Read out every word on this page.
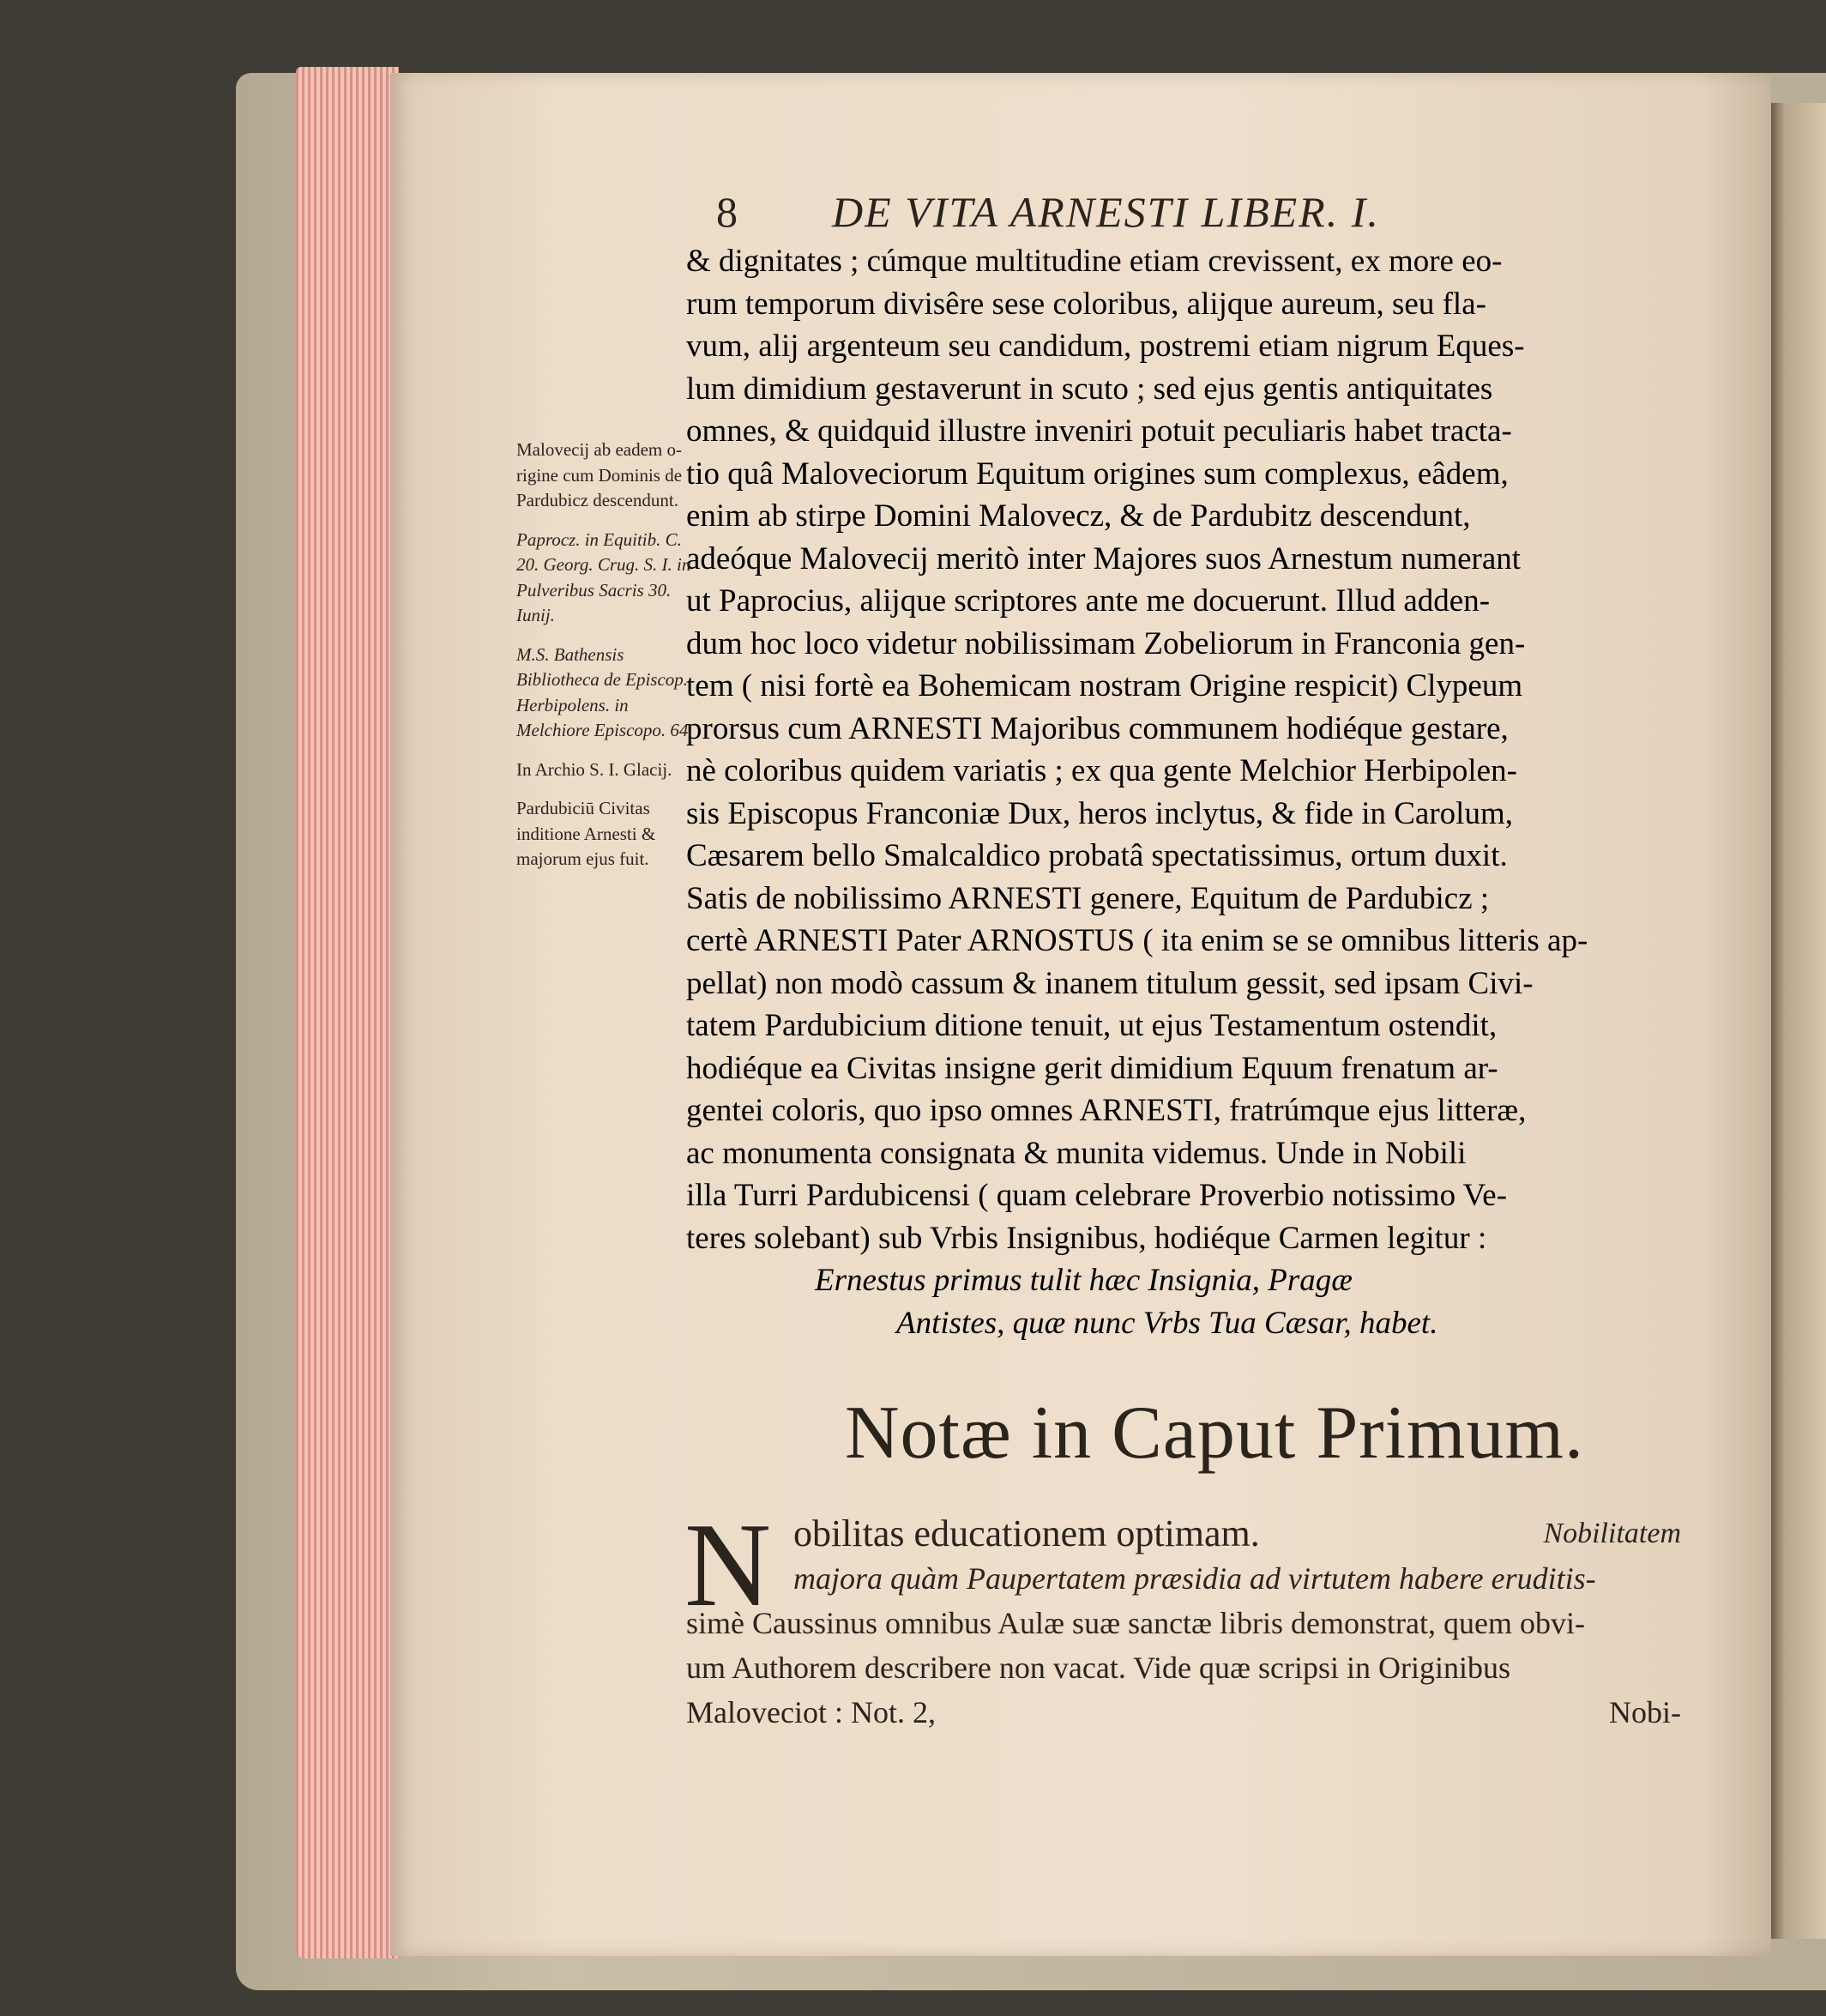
8 DE VITA ARNESTI LIBER. I.
& dignitates ; cúmque multitudine etiam crevissent, ex more eo-
rum temporum divisêre sese coloribus, alijque aureum, seu fla-
vum, alij argenteum seu candidum, postremi etiam nigrum Eques-
lum dimidium gestaverunt in scuto ; sed ejus gentis antiquitates
omnes, & quidquid illustre inveniri potuit peculiaris habet tracta-
tio quâ Maloveciorum Equitum origines sum complexus, eâdem,
enim ab stirpe Domini Malovecz, & de Pardubitz descendunt,
adeóque Malovecij meritò inter Majores suos Arnestum numerant
ut Paprocius, alijque scriptores ante me docuerunt. Illud adden-
dum hoc loco videtur nobilissimam Zobeliorum in Franconia gen-
tem ( nisi fortè ea Bohemicam nostram Origine respicit) Clypeum
prorsus cum ARNESTI Majoribus communem hodiéque gestare,
nè coloribus quidem variatis ; ex qua gente Melchior Herbipolen-
sis Episcopus Franconiæ Dux, heros inclytus, & fide in Carolum,
Cæsarem bello Smalcaldico probatâ spectatissimus, ortum duxit.
Satis de nobilissimo ARNESTI genere, Equitum de Pardubicz ;
certè ARNESTI Pater ARNOSTUS ( ita enim se se omnibus litteris ap-
pellat) non modò cassum & inanem titulum gessit, sed ipsam Civi-
tatem Pardubicium ditione tenuit, ut ejus Testamentum ostendit,
hodiéque ea Civitas insigne gerit dimidium Equum frenatum ar-
gentei coloris, quo ipso omnes ARNESTI, fratrúmque ejus litteræ,
ac monumenta consignata & munita videmus. Unde in Nobili
illa Turri Pardubicensi ( quam celebrare Proverbio notissimo Ve-
teres solebant) sub Vrbis Insignibus, hodiéque Carmen legitur :
Ernestus primus tulit hæc Insignia, Pragæ
Antistes, quæ nunc Vrbs Tua Cæsar, habet.
Malovecij ab eadem o-rigine cum Dominis de Pardubicz descendunt.
Paprocz. in Equitib. C. 20. Georg. Crug. S. I. in Pulveribus Sacris 30. Iunij.
M.S. Bathensis Bibliotheca de Episcop. Herbipolens. in Melchiore Episcopo. 64.
In Archio S. I. Glacij.
Pardubiciū Civitas inditione Arnesti & majorum ejus fuit.
Notæ in Caput Primum.
N obilitas educationem optimam.	Nobilitatem
majora quàm Paupertatem præsidia ad virtutem habere eruditis-
simè Caussinus omnibus Aulæ suæ sanctæ libris demonstrat, quem obvi-
um Authorem describere non vacat. Vide quæ scripsi in Originibus
Maloveciot : Not. 2,	Nobi-
